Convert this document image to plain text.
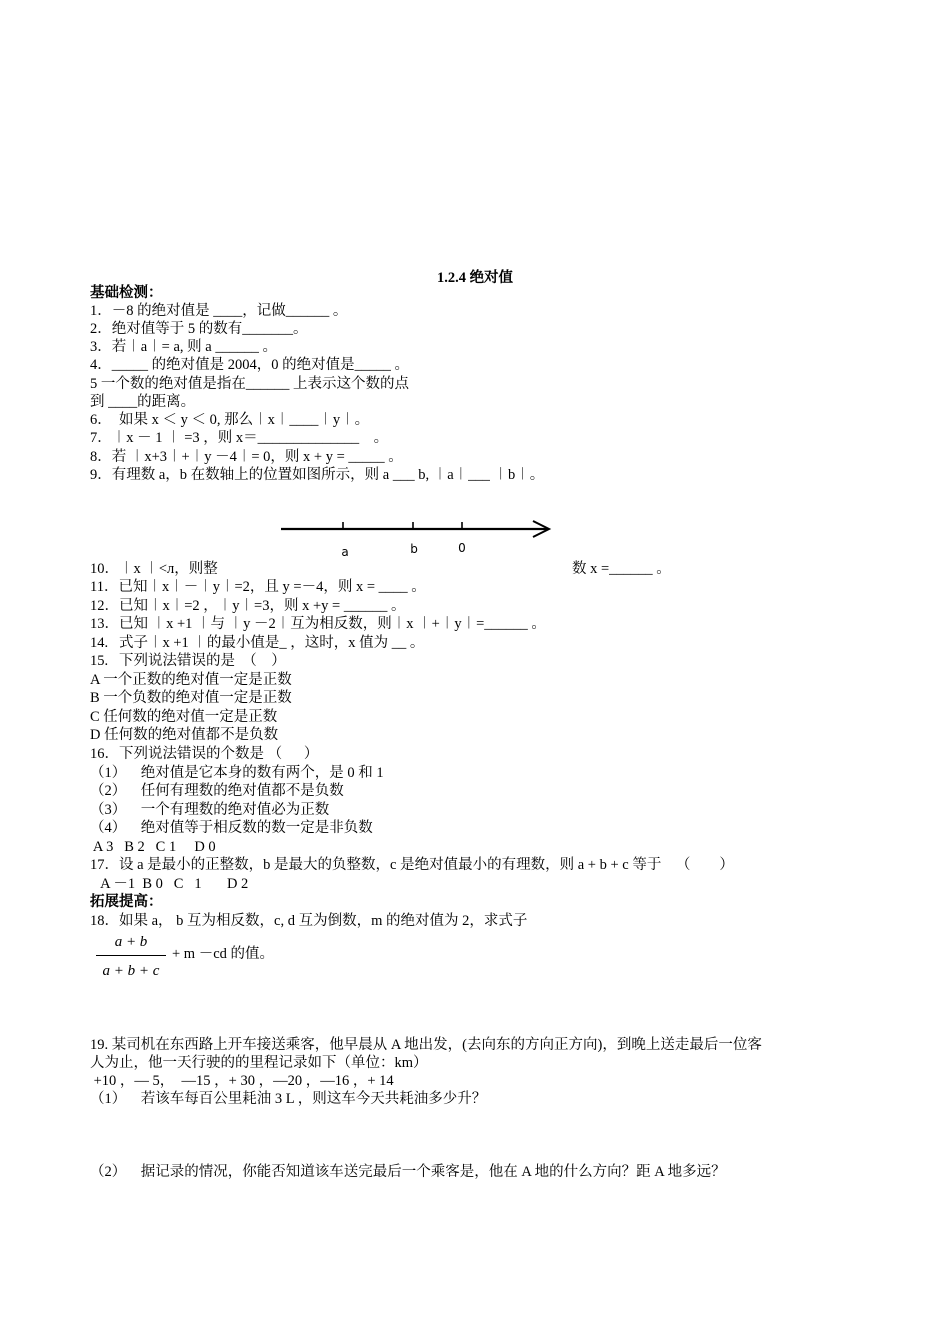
1.2.4 绝对值
基础检测：
1．－8 的绝对值是 ____，记做______ 。
2．绝对值等于 5 的数有_______。
3．若︱a︱= a, 则 a ______ 。
4．_____ 的绝对值是 2004，0 的绝对值是_____ 。
5 一个数的绝对值是指在______ 上表示这个数的点
到 ____的距离。
6．  如果 x ＜ y ＜ 0, 那么︱x︱____︱y︱。
7．︱x － 1 ︱ =3 ，则 x＝______________    。
8．若 ︱x+3︱+︱y －4︱= 0，则 x + y = _____ 。
9．有理数 a，b 在数轴上的位置如图所示，则 a ___ b, ︱a︱___ ︱b︱。
a	b	0
10．︱x ︱<л，则整	数 x =______ 。
11．已知︱x︱－︱y︱=2，且 y =－4，则 x = ____ 。
12．已知︱x︱=2 ，︱y︱=3，则 x +y = ______ 。
13．已知 ︱x +1 ︱与 ︱y －2︱互为相反数，则︱x ︱+︱y︱=______ 。
14.   式子︱x +1 ︱的最小值是_ ，这时，x 值为 __ 。
15.   下列说法错误的是  （    ）
A 一个正数的绝对值一定是正数
B 一个负数的绝对值一定是正数
C 任何数的绝对值一定是正数
D 任何数的绝对值都不是负数
16．下列说法错误的个数是 （      ）
（1）    绝对值是它本身的数有两个，是 0 和 1
（2）    任何有理数的绝对值都不是负数
（3）    一个有理数的绝对值必为正数
（4）    绝对值等于相反数的数一定是非负数
A 3   B 2   C 1     D 0
17．设 a 是最小的正整数，b 是最大的负整数，c 是绝对值最小的有理数，则 a + b + c 等于    （        ）
A －1  B 0   C   1       D 2
拓展提高：
18．如果 a， b 互为相反数，c, d 互为倒数，m 的绝对值为 2，求式子
a + b
a + b + c
+ m －cd 的值。
19. 某司机在东西路上开车接送乘客，他早晨从 A 地出发，(去向东的方向正方向)，到晚上送走最后一位客
人为止，他一天行驶的的里程记录如下（单位：km）
+10 ，— 5，  —15 ，+ 30 ，—20 ，—16 ，+ 14
（1）    若该车每百公里耗油 3 L ，则这车今天共耗油多少升？
（2）    据记录的情况，你能否知道该车送完最后一个乘客是，他在 A 地的什么方向？距 A 地多远？
